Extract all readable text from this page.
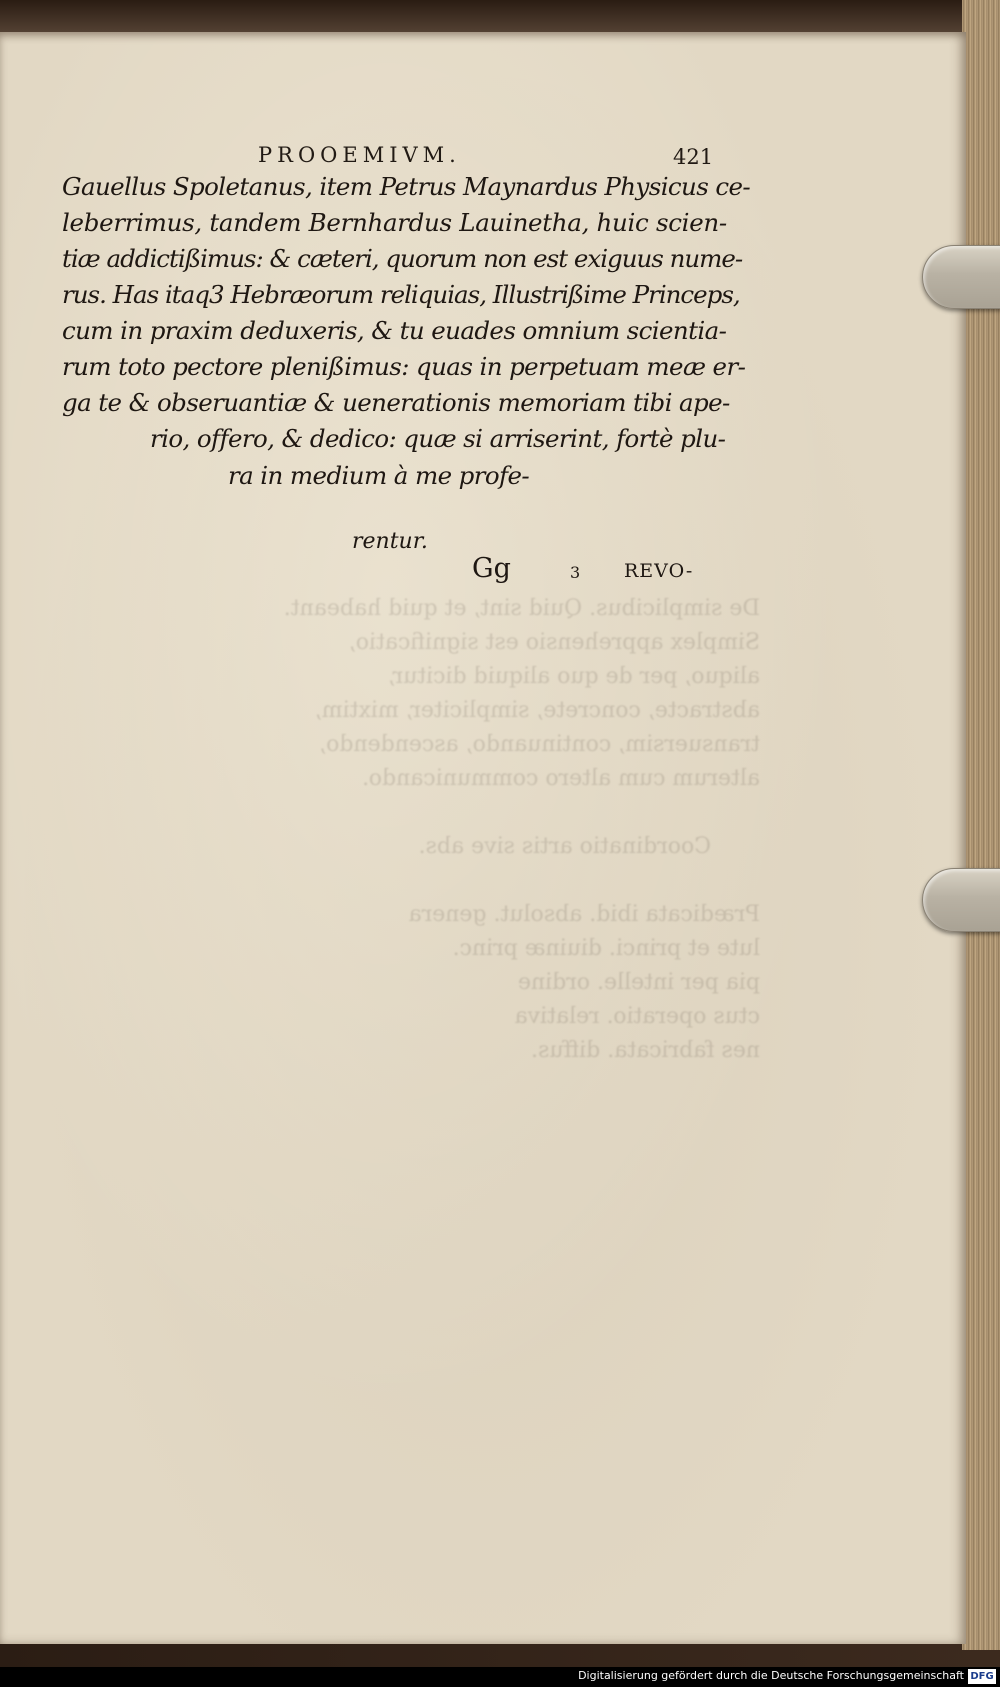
De simplicibus. Quid sint, et quid habeant.
Simplex apprehensio est significatio,
aliquo, per de quo aliquid dicitur,
abstracte, concrete, simpliciter, mixtim,
transuersim, continuando, ascendendo,
alterum cum altero communicando.

Coordinatio artis sive abs.

Prædicata ibid. absolut. genera
lute et princi. diuinæ princ.
pia per intelle. ordine
ctus operatio. relativa
nes fabricata. diffus.
PROOEMIVM.	421
Gauellus Spoletanus, item Petrus Maynardus Physicus ce-
leberrimus, tandem Bernhardus Lauinetha, huic scien-
tiæ addictißimus: & cæteri, quorum non est exiguus nume-
rus. Has itaq3 Hebræorum reliquias, Illustrißime Princeps,
cum in praxim deduxeris, & tu euades omnium scientia-
rum toto pectore plenißimus: quas in perpetuam meæ er-
ga te & obseruantiæ & uenerationis memoriam tibi ape-
rio, offero, & dedico: quæ si arriserint, fortè plu-
ra in medium à me profe-
rentur.
Gg	3 REVO-
Digitalisierung gefördert durch die Deutsche Forschungsgemeinschaft DFG
